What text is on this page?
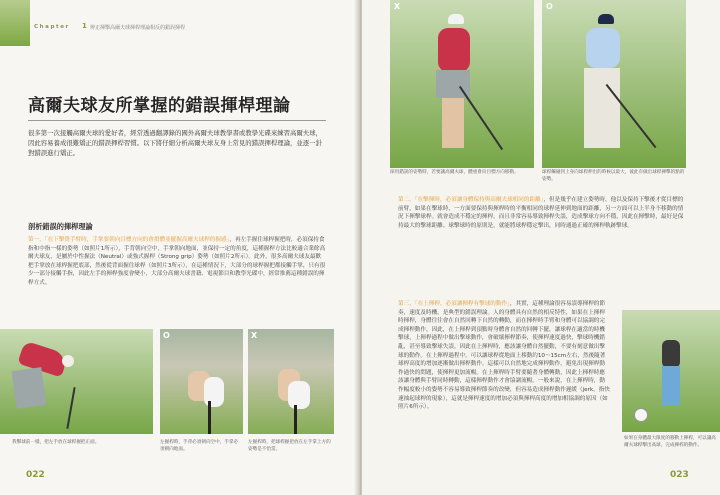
Chapter 1 辨正揮擊高爾夫球揮桿理論相反的錯誤揮桿
高爾夫球友所掌握的錯誤揮桿理論
很多第一次接觸高爾夫球的愛好者，經常透過翻譯錄的國外高爾夫球教學書或教學光碟來練習高爾夫球，因此容易養成很難矯正的錯誤揮桿習慣。以下將仔細分析高爾夫球友身上常見的錯誤揮桿理論，並逐一針對錯誤進行矯正。
剖析錯誤的揮桿理論
第一，「在下擊覺手臂時，手掌要朝向目標方向的會損體並擺握高爾夫球桿的握感」，再左手握住球桿握把時，必須保持食指和中指一樣的姿勢（如照片1所示），手背朝向空中，手掌朝向地面，並保持一定的角度，這種握桿方法比較適合業餘高爾夫球友，是屬於中性握法（Neutral）或強式握桿（Strong grip）姿勢（如照片2所示）。此外，很多高爾夫球友最歡把手掌放在球桿握把底部，然後從背面握住球桿（如照片3所示），在這種情況下，大部分的球桿握把都接觸手掌，只有很少一部分接觸手指，因此左手的揮桿強度會變小，大部分高爾夫球書籍、電視節目和教學光碟中，經常推薦這種錯誤的揮桿方式。
我擊球前一樣，把左手放在球桿握把正面。
O
左握桿時，手背必須朝向空中，手掌必須朝向地面。
X
左握桿時，把球桿握把放在左手掌上方的姿勢是不恰當。
022
X
採用錯誤的姿勢時，若要讓高爾夫球，體重會向目標方向移動。
O
球桿觸碰到上身向球桿伸出的時候以最大，彼此有做出球桿揮擊的點的姿勢。
第二，「在擊揮時，必須讓身體保持與高爾夫球相同的距離」，但是幾乎在建立姿勢時，他以及保持下擊後才從目標的前臂，如果在擊球時，一方面要保持與揮桿時的平衡相同的球桿延伸到地面的距離，另一方面可以上半身不移動的情況下揮擊球桿。就會造成不穩定的揮桿，而且非常容易導致揮桿失誤，造成擊球方向不穩，因此在揮擊時，最好是保持最大的擊球距離。球擊球時的原則是，就能將球桿穩定擊出，同時通過正確的揮桿軌跡擊球。
第三，「在上揮桿，必須讓揮桿有擊球的動作」，其實，這種理論很容易誤導揮桿的節奏，速度及時機，是典型的錯誤理論。人的身體具有自然的相反特性，如果在上揮桿時揮桿，身體往往會在自然回轉下自然的轉動，而在揮桿時手臂和身體可以協調的完成揮桿動作，因此，在上揮桿到頂點時身體會自然的回轉下擺，讓球桿在適當的時機擊球，上揮桿過程中做出擊球動作，會破壞揮桿節奏，使揮桿速度過快，擊球時機錯亂，甚至導致擊球失誤。因此在上揮桿時，應該讓身體自然擺動，不要有刻意做出擊球的動作。在上揮桿過程中，可以讓球桿從地面上移動約10～15cm左右，然後隨著球桿高度的增加逐漸做出揮桿動作。這樣可以自然地完成揮桿動作，避免出現揮桿動作過快的問題，使揮桿更加流暢。在上揮桿時手臂要隨著身體轉動，因此上揮桿時應該讓身體與手臂同時轉動，這樣揮桿動作才會協調流暢。一般來說，在上揮桿時，動作幅度較小的姿勢不容易導致揮桿節奏的改變，但容易造成揮桿動作遲緩（jerk，指快速抽起球桿的現象），這就是揮桿速度的增加必須與揮桿高度的增加相協調的原因（如照片6所示）。
如果在身體最大限度的移動上揮桿，可以讓高爾夫球桿擊出高球，完成揮桿的動作。
023
